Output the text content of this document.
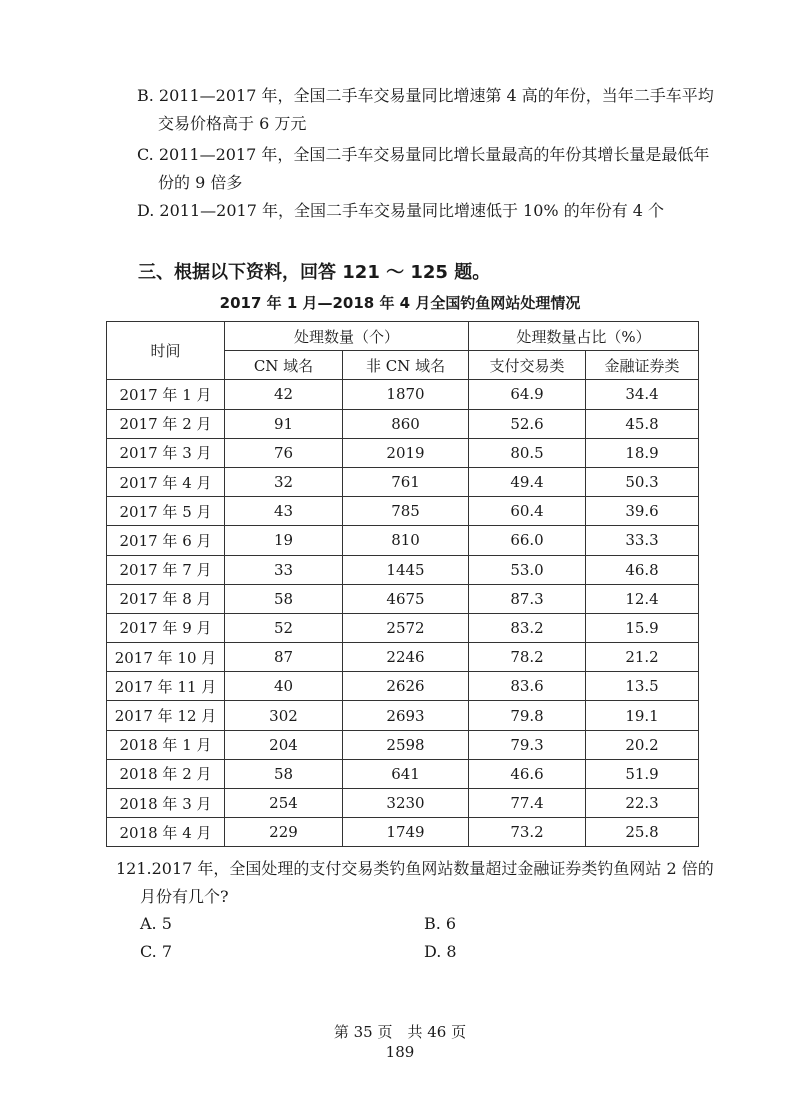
B. 2011—2017 年，全国二手车交易量同比增速第 4 高的年份，当年二手车平均
交易价格高于 6 万元
C. 2011—2017 年，全国二手车交易量同比增长量最高的年份其增长量是最低年
份的 9 倍多
D. 2011—2017 年，全国二手车交易量同比增速低于 10% 的年份有 4 个
三、根据以下资料，回答 121 ～ 125 题。
2017 年 1 月—2018 年 4 月全国钓鱼网站处理情况
时间	处理数量（个）		处理数量占比（%）	
	CN 域名	非 CN 域名	支付交易类	金融证券类
2017 年 1 月	42	1870	64.9	34.4
2017 年 2 月	91	860	52.6	45.8
2017 年 3 月	76	2019	80.5	18.9
2017 年 4 月	32	761	49.4	50.3
2017 年 5 月	43	785	60.4	39.6
2017 年 6 月	19	810	66.0	33.3
2017 年 7 月	33	1445	53.0	46.8
2017 年 8 月	58	4675	87.3	12.4
2017 年 9 月	52	2572	83.2	15.9
2017 年 10 月	87	2246	78.2	21.2
2017 年 11 月	40	2626	83.6	13.5
2017 年 12 月	302	2693	79.8	19.1
2018 年 1 月	204	2598	79.3	20.2
2018 年 2 月	58	641	46.6	51.9
2018 年 3 月	254	3230	77.4	22.3
2018 年 4 月	229	1749	73.2	25.8
121.2017 年，全国处理的支付交易类钓鱼网站数量超过金融证券类钓鱼网站 2 倍的
月份有几个?
A. 5	B. 6
C. 7	D. 8
第 35 页　共 46 页
189
